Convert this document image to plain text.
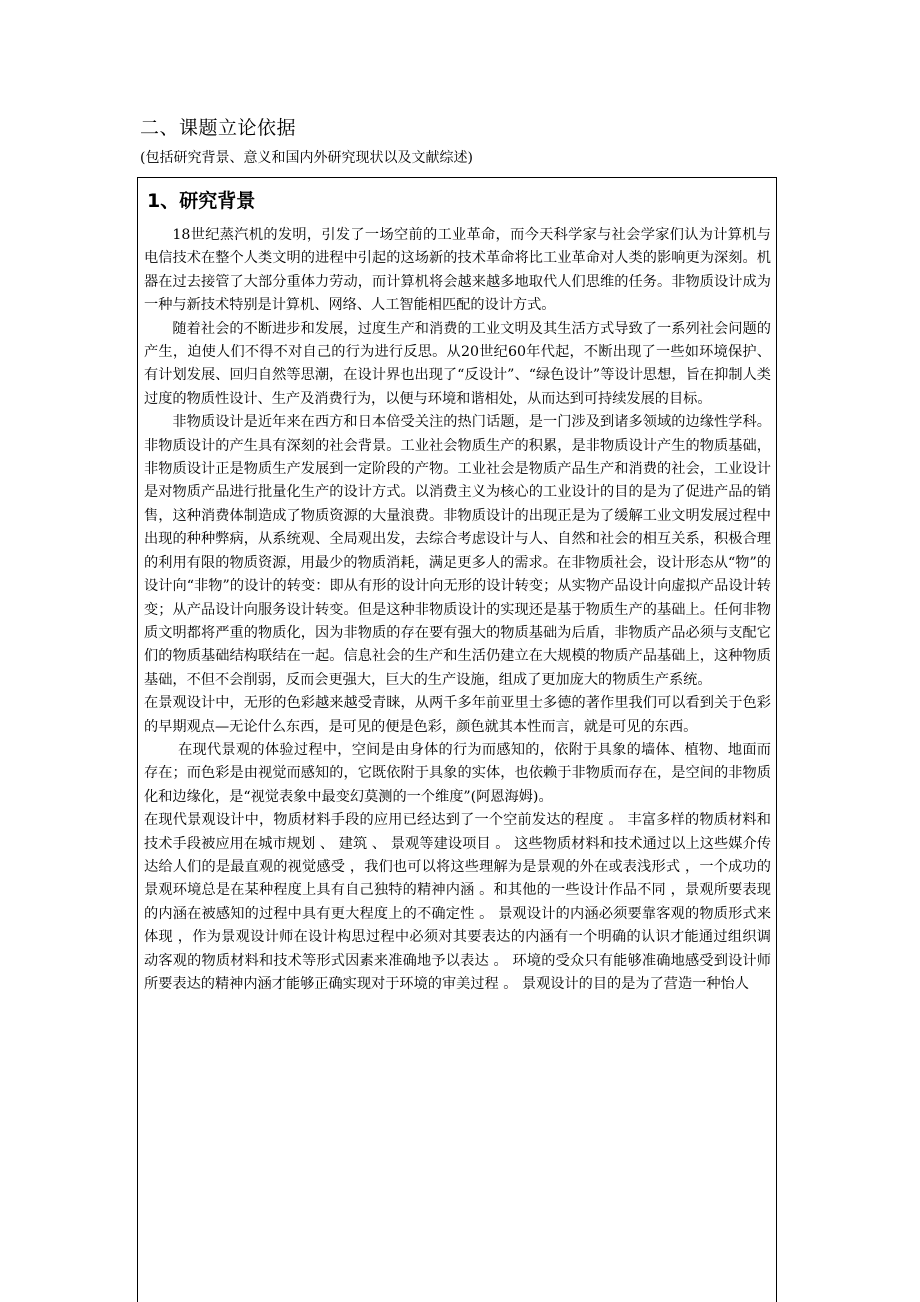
二、课题立论依据
(包括研究背景、意义和国内外研究现状以及文献综述)
1、研究背景

18世纪蒸汽机的发明，引发了一场空前的工业革命，而今天科学家与社会学家们认为计算机与电信技术在整个人类文明的进程中引起的这场新的技术革命将比工业革命对人类的影响更为深刻。机器在过去接管了大部分重体力劳动，而计算机将会越来越多地取代人们思维的任务。非物质设计成为一种与新技术特别是计算机、网络、人工智能相匹配的设计方式。

随着社会的不断进步和发展，过度生产和消费的工业文明及其生活方式导致了一系列社会问题的产生，迫使人们不得不对自己的行为进行反思。从20世纪60年代起，不断出现了一些如环境保护、有计划发展、回归自然等思潮，在设计界也出现了“反设计”、“绿色设计”等设计思想，旨在抑制人类过度的物质性设计、生产及消费行为，以便与环境和谐相处，从而达到可持续发展的目标。

非物质设计是近年来在西方和日本倍受关注的热门话题，是一门涉及到诸多领域的边缘性学科。非物质设计的产生具有深刻的社会背景。工业社会物质生产的积累，是非物质设计产生的物质基础，非物质设计正是物质生产发展到一定阶段的产物。工业社会是物质产品生产和消费的社会，工业设计是对物质产品进行批量化生产的设计方式。以消费主义为核心的工业设计的目的是为了促进产品的销售，这种消费体制造成了物质资源的大量浪费。非物质设计的出现正是为了缓解工业文明发展过程中出现的种种弊病，从系统观、全局观出发，去综合考虑设计与人、自然和社会的相互关系，积极合理的利用有限的物质资源，用最少的物质消耗，满足更多人的需求。在非物质社会，设计形态从“物”的设计向“非物”的设计的转变：即从有形的设计向无形的设计转变；从实物产品设计向虚拟产品设计转变；从产品设计向服务设计转变。但是这种非物质设计的实现还是基于物质生产的基础上。任何非物质文明都将严重的物质化，因为非物质的存在要有强大的物质基础为后盾，非物质产品必须与支配它们的物质基础结构联结在一起。信息社会的生产和生活仍建立在大规模的物质产品基础上，这种物质基础，不但不会削弱，反而会更强大，巨大的生产设施，组成了更加庞大的物质生产系统。

在景观设计中，无形的色彩越来越受青睐，从两千多年前亚里士多德的著作里我们可以看到关于色彩的早期观点—无论什么东西，是可见的便是色彩，颜色就其本性而言，就是可见的东西。

在现代景观的体验过程中，空间是由身体的行为而感知的，依附于具象的墙体、植物、地面而存在；而色彩是由视觉而感知的，它既依附于具象的实体，也依赖于非物质而存在，是空间的非物质化和边缘化，是“视觉表象中最变幻莫测的一个维度”(阿恩海姆)。

在现代景观设计中，物质材料手段的应用已经达到了一个空前发达的程度 。 丰富多样的物质材料和技术手段被应用在城市规划 、 建筑 、 景观等建设项目 。 这些物质材料和技术通过以上这些媒介传达给人们的是最直观的视觉感受 ，我们也可以将这些理解为是景观的外在或表浅形式 ，一个成功的景观环境总是在某种程度上具有自己独特的精神内涵 。和其他的一些设计作品不同 ，景观所要表现的内涵在被感知的过程中具有更大程度上的不确定性 。 景观设计的内涵必须要靠客观的物质形式来体现 ，作为景观设计师在设计构思过程中必须对其要表达的内涵有一个明确的认识才能通过组织调动客观的物质材料和技术等形式因素来准确地予以表达 。 环境的受众只有能够准确地感受到设计师所要表达的精神内涵才能够正确实现对于环境的审美过程 。 景观设计的目的是为了营造一种怡人
